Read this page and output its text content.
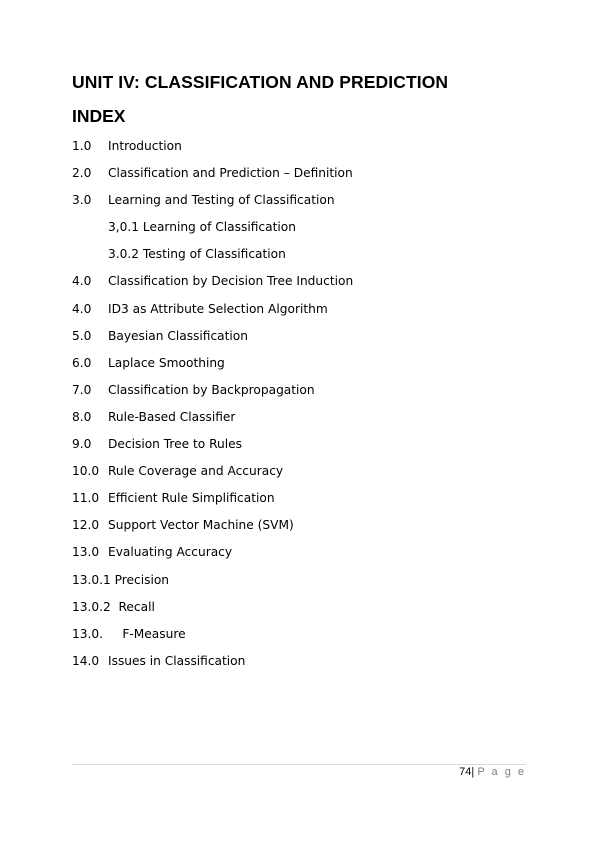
UNIT IV: CLASSIFICATION AND PREDICTION
INDEX
1.0 Introduction
2.0 Classification and Prediction – Definition
3.0 Learning and Testing of Classification
3,0.1 Learning of Classification
3.0.2 Testing of Classification
4.0 Classification by Decision Tree Induction
4.0 ID3 as Attribute Selection Algorithm
5.0 Bayesian Classification
6.0 Laplace Smoothing
7.0 Classification by Backpropagation
8.0 Rule-Based Classifier
9.0 Decision Tree to Rules
10.0 Rule Coverage and Accuracy
11.0 Efficient Rule Simplification
12.0 Support Vector Machine (SVM)
13.0 Evaluating Accuracy
13.0.1 Precision
13.0.2  Recall
13.0.     F-Measure
14.0 Issues in Classification
74| P a g e
